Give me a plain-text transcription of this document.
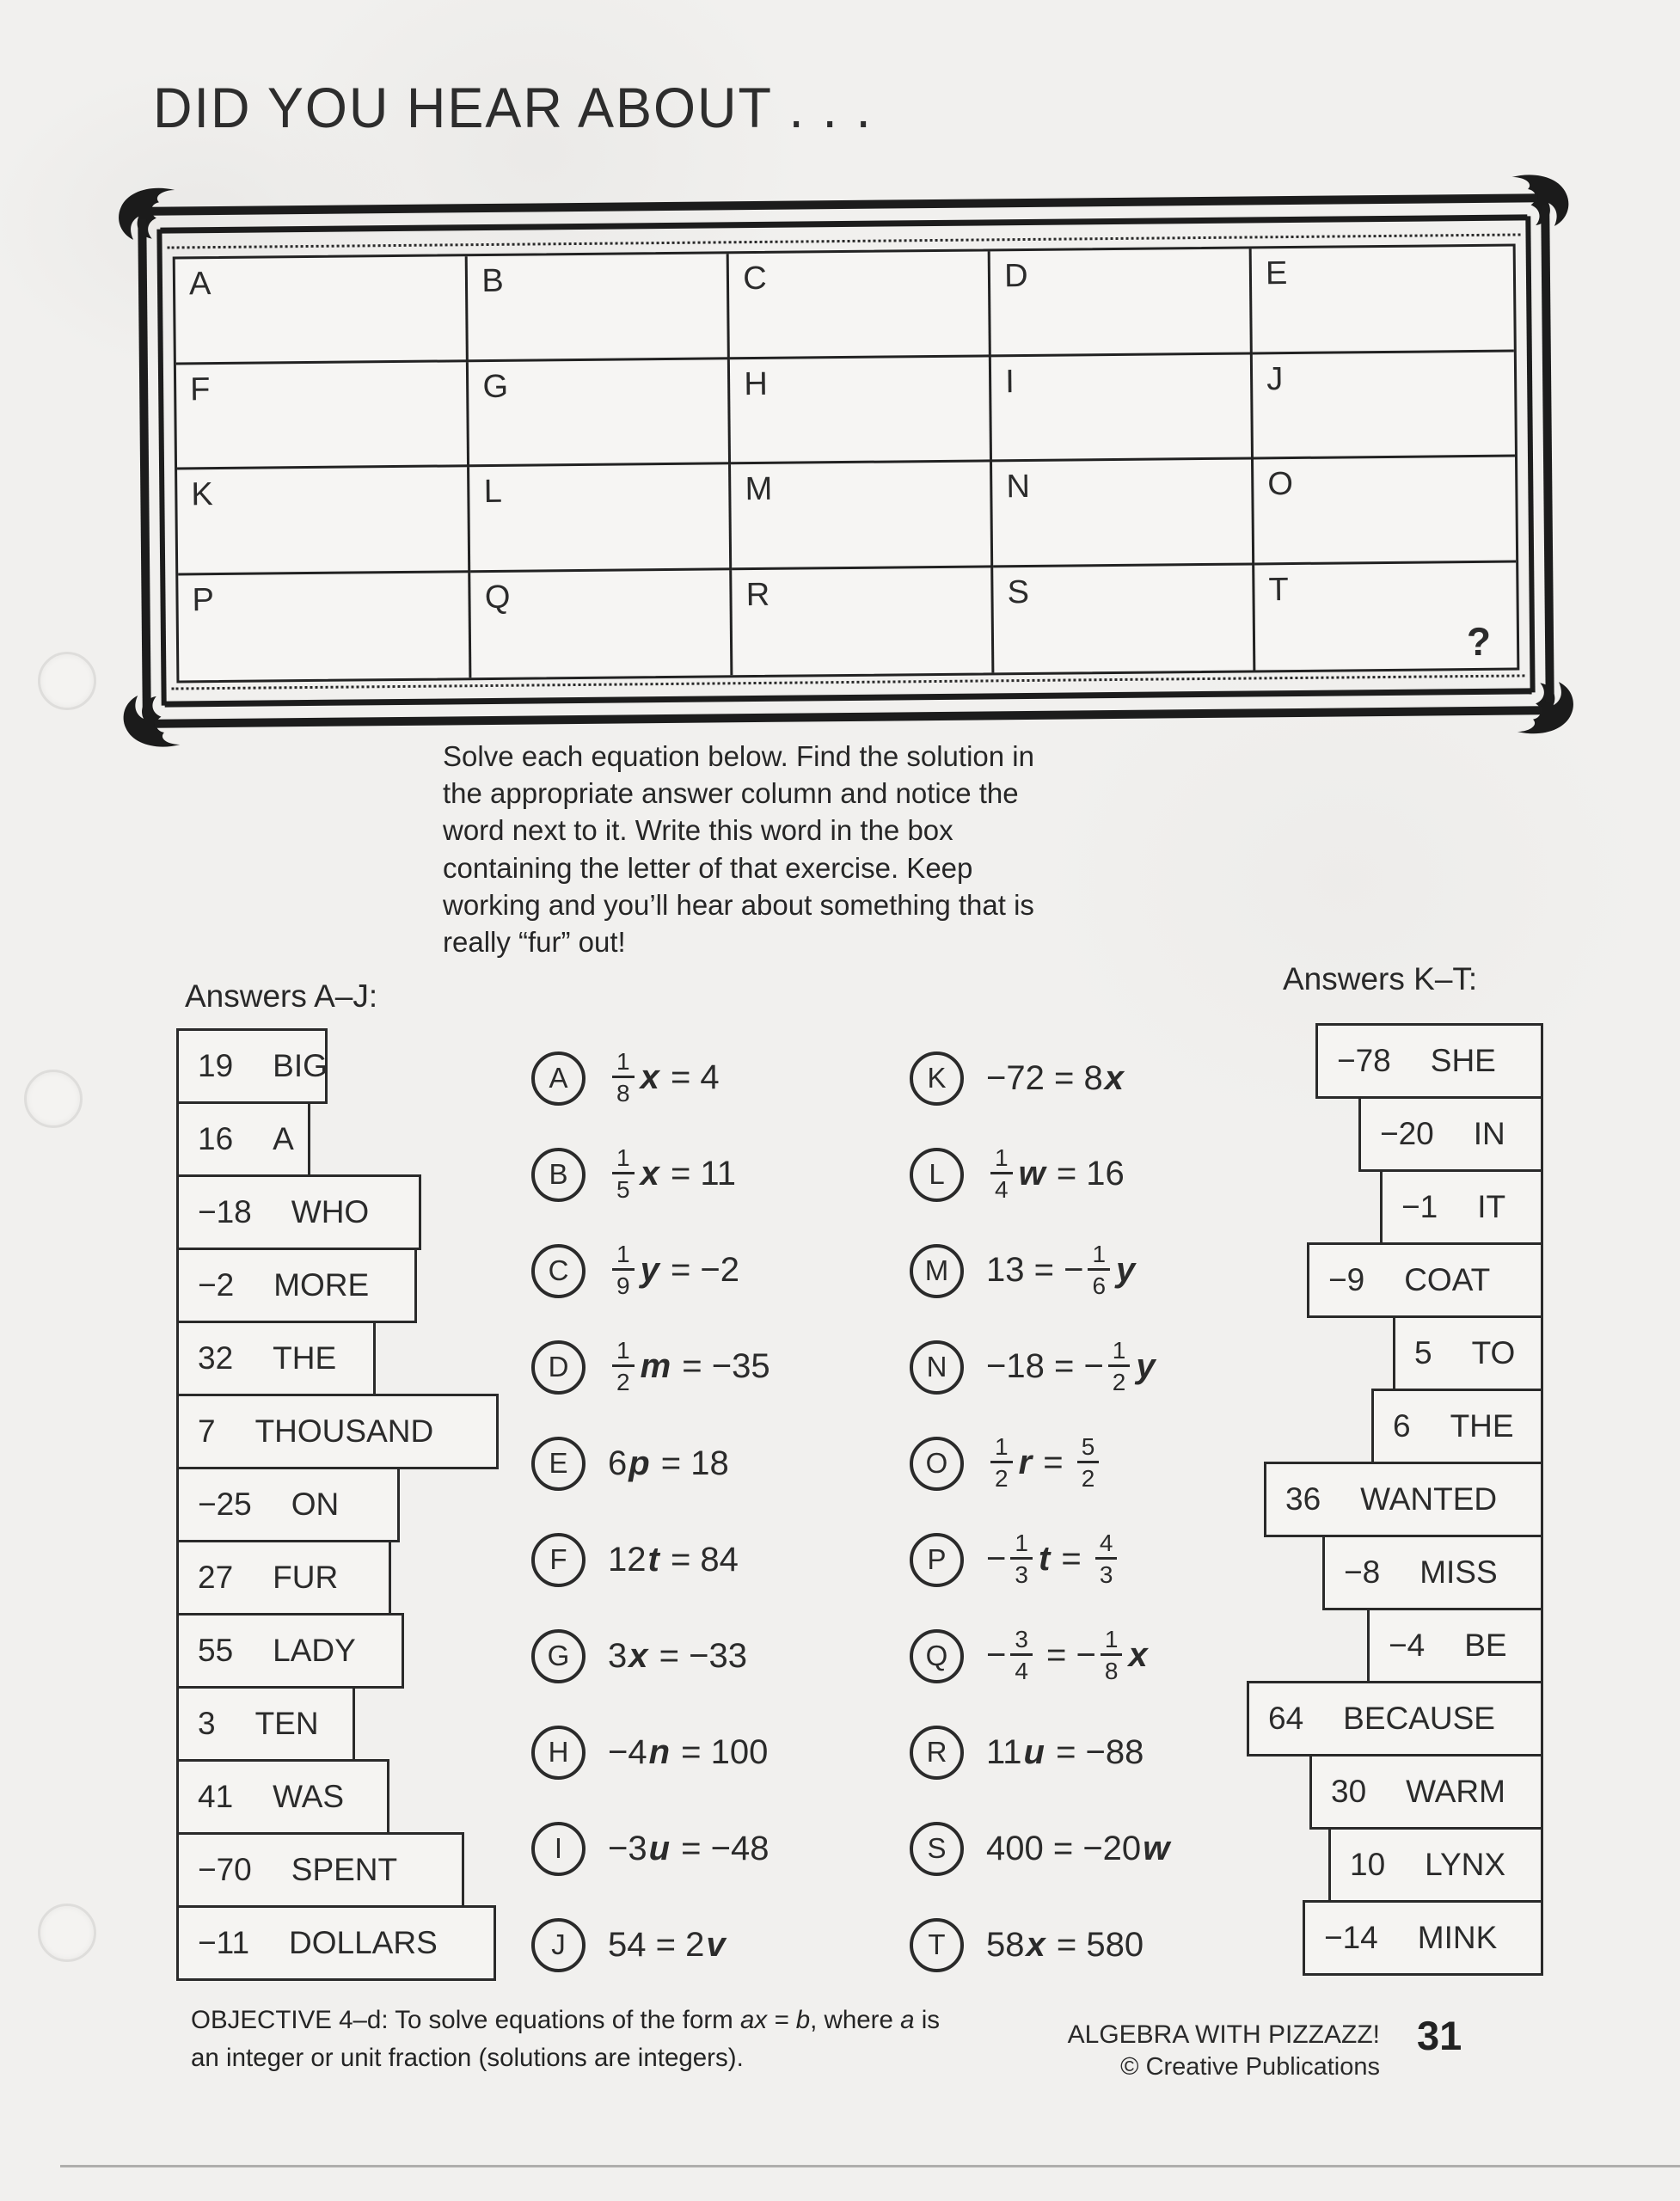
DID YOU HEAR ABOUT . . .
A	B	C	D	E
F	G	H	I	J
K	L	M	N	O
P	Q	R	S	T
?

Solve each equation below. Find the solution in the appropriate answer column and notice the word next to it. Write this word in the box containing the letter of that exercise. Keep working and you’ll hear about something that is really “fur” out!

Answers A–J:	Answers K–T:
19 BIG
16 A
−18 WHO
−2 MORE
32 THE
7 THOUSAND
−25 ON
27 FUR
55 LADY
3 TEN
41 WAS
−70 SPENT
−11 DOLLARS
−78 SHE
−20 IN
−1 IT
−9 COAT
5 TO
6 THE
36 WANTED
−8 MISS
−4 BE
64 BECAUSE
30 WARM
10 LYNX
−14 MINK
A	$\frac{1}{8}$ x = 4
B	$\frac{1}{5}$ x = 11
C	$\frac{1}{9}$ y = −2
D	$\frac{1}{2}$ m = −35
E	6 p = 18
F	12 t = 84
G	3 x = −33
H	−4 n = 100
I	−3 u = −48
J	54 = 2 v
K	−72 = 8 x
L	$\frac{1}{4}$ w = 16
M	13 = − $\frac{1}{6}$ y
N	−18 = − $\frac{1}{2}$ y
O	$\frac{1}{2}$ $r = \frac{5}{2}$
P	− $\frac{1}{3}$ $t = \frac{4}{3}$
Q	− $\frac{3}{4}$ = − $\frac{1}{8}$ x
R	11 u = −88
S	400 = −20 w
T	58 x = 580
OBJECTIVE 4–d: To solve equations of the form ax = b, where a is an integer or unit fraction (solutions are integers).
ALGEBRA WITH PIZZAZZ!
© Creative Publications
31
